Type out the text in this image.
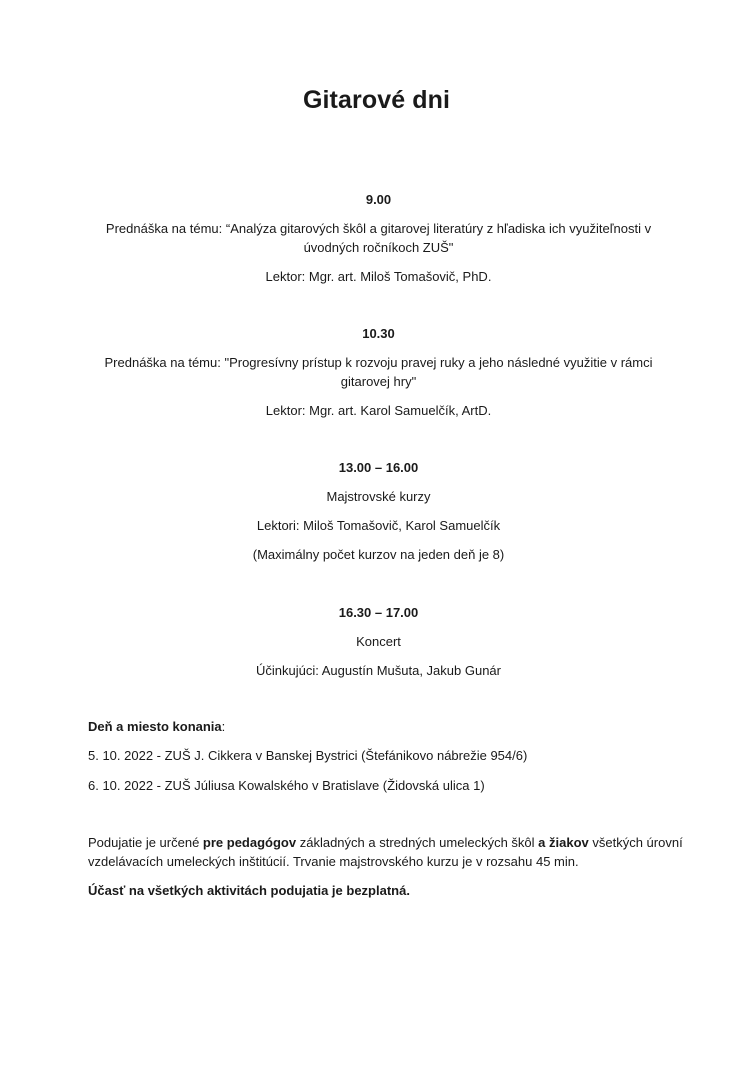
Gitarové dni

9.00

Prednáška na tému: “Analýza gitarových škôl a gitarovej literatúry z hľadiska ich využiteľnosti v

úvodných ročníkoch ZUŠ"

Lektor: Mgr. art. Miloš Tomašovič, PhD.

10.30

Prednáška na tému: "Progresívny prístup k rozvoju pravej ruky a jeho následné využitie v rámci

gitarovej hry"

Lektor: Mgr. art. Karol Samuelčík, ArtD.

13.00 – 16.00

Majstrovské kurzy

Lektori: Miloš Tomašovič, Karol Samuelčík

(Maximálny počet kurzov na jeden deň je 8)

16.30 – 17.00

Koncert

Účinkujúci: Augustín Mušuta, Jakub Gunár

Deň a miesto konania:

5. 10. 2022 - ZUŠ J. Cikkera v Banskej Bystrici (Štefánikovo nábrežie 954/6)

6. 10. 2022 - ZUŠ Júliusa Kowalského v Bratislave (Židovská ulica 1)

Podujatie je určené pre pedagógov základných a stredných umeleckých škôl a žiakov všetkých úrovní

vzdelávacích umeleckých inštitúcií. Trvanie majstrovského kurzu je v rozsahu 45 min.

Účasť na všetkých aktivitách podujatia je bezplatná.
